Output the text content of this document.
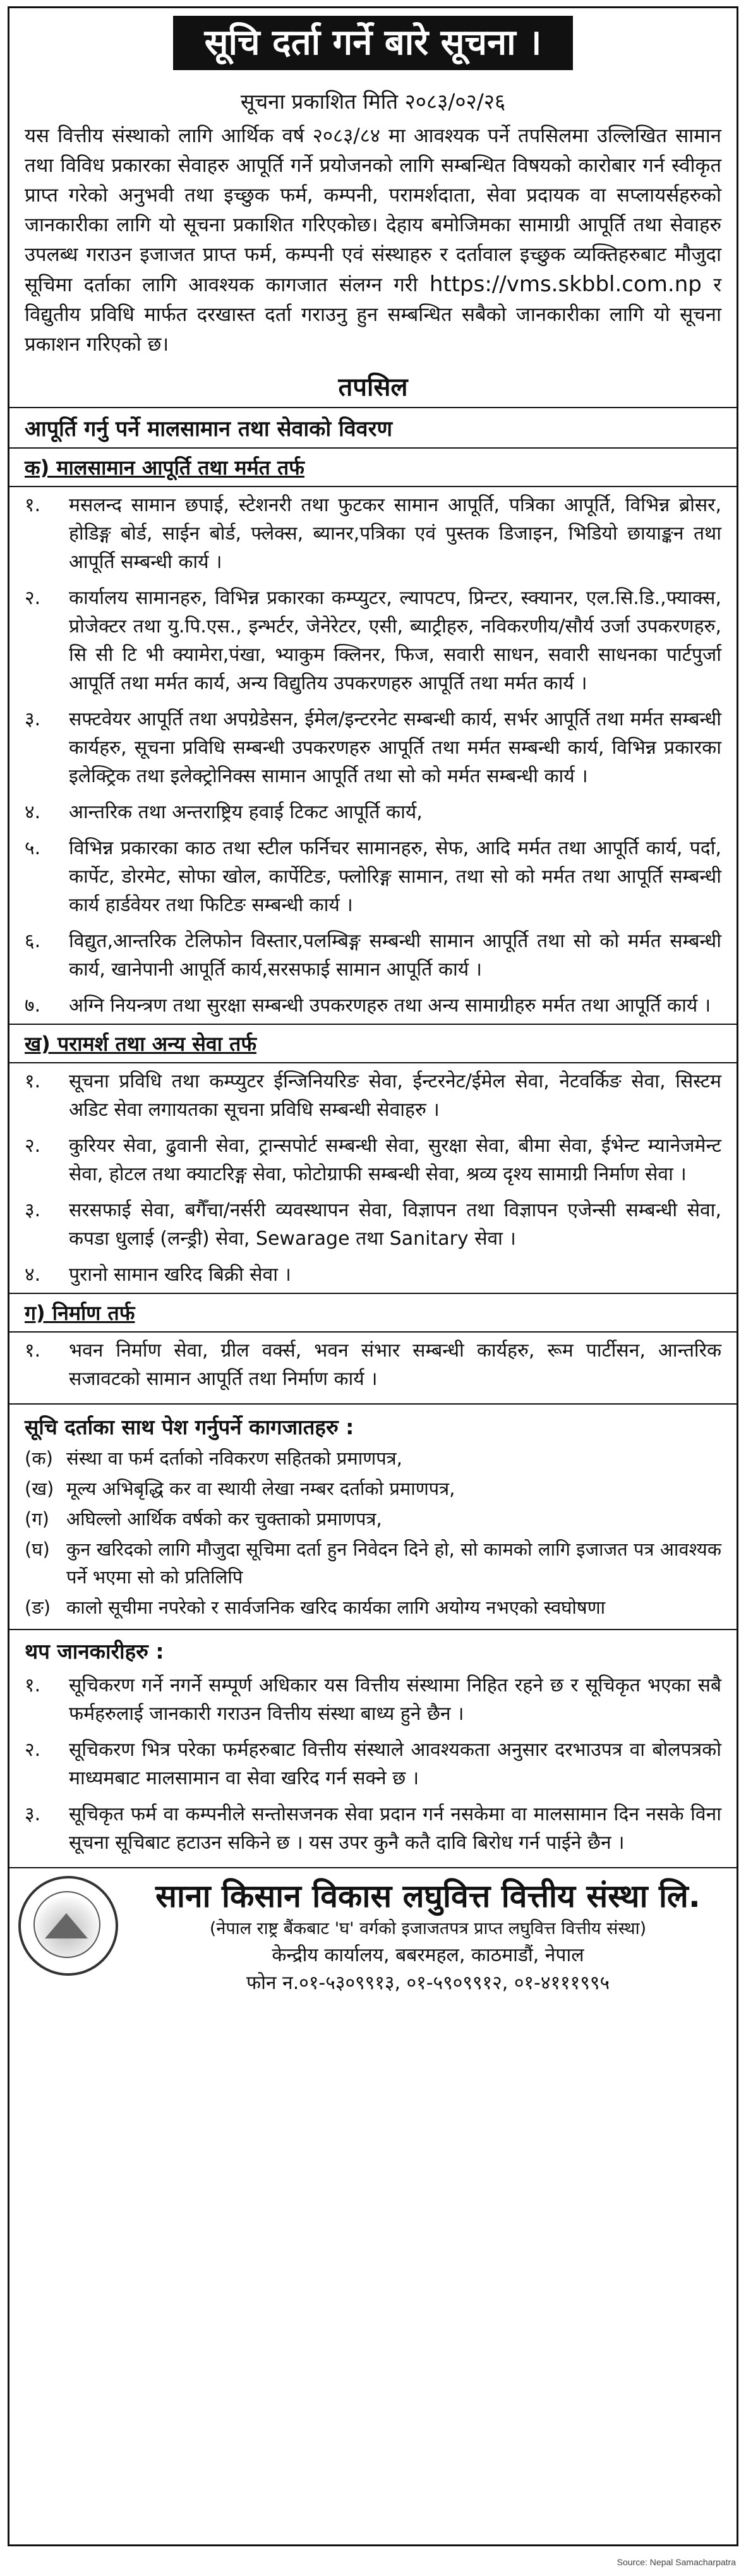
सूचि दर्ता गर्ने बारे सूचना ।
सूचना प्रकाशित मिति २०८३/०२/२६
यस वित्तीय संस्थाको लागि आर्थिक वर्ष २०८३/८४ मा आवश्यक पर्ने तपसिलमा उल्लिखित सामान तथा विविध प्रकारका सेवाहरु आपूर्ति गर्ने प्रयोजनको लागि सम्बन्धित विषयको कारोबार गर्न स्वीकृत प्राप्त गरेको अनुभवी तथा इच्छुक फर्म, कम्पनी, परामर्शदाता, सेवा प्रदायक वा सप्लायर्सहरुको जानकारीका लागि यो सूचना प्रकाशित गरिएकोछ। देहाय बमोजिमका सामाग्री आपूर्ति तथा सेवाहरु उपलब्ध गराउन इजाजत प्राप्त फर्म, कम्पनी एवं संस्थाहरु र दर्तावाल इच्छुक व्यक्तिहरुबाट मौजुदा सूचिमा दर्ताका लागि आवश्यक कागजात संलग्न गरी https://vms.skbbl.com.np र विद्युतीय प्रविधि मार्फत दरखास्त दर्ता गराउनु हुन सम्बन्धित सबैको जानकारीका लागि यो सूचना प्रकाशन गरिएको छ।
तपसिल
आपूर्ति गर्नु पर्ने मालसामान तथा सेवाको विवरण
क) मालसामान आपूर्ति तथा मर्मत तर्फ
१.	मसलन्द सामान छपाई, स्टेशनरी तथा फुटकर सामान आपूर्ति, पत्रिका आपूर्ति, विभिन्न ब्रोसर, होडिङ्ग बोर्ड, साईन बोर्ड, फ्लेक्स, ब्यानर,पत्रिका एवं पुस्तक डिजाइन, भिडियो छायाङ्कन तथा आपूर्ति सम्बन्धी कार्य ।
२.	कार्यालय सामानहरु, विभिन्न प्रकारका कम्प्युटर, ल्यापटप, प्रिन्टर, स्क्यानर, एल.सि.डि.,फ्याक्स, प्रोजेक्टर तथा यु.पि.एस., इन्भर्टर, जेनेरेटर, एसी, ब्याट्रीहरु, नविकरणीय/सौर्य उर्जा उपकरणहरु, सि सी टि भी क्यामेरा,पंखा, भ्याकुम क्लिनर, फिज, सवारी साधन, सवारी साधनका पार्टपुर्जा आपूर्ति तथा मर्मत कार्य, अन्य विद्युतिय उपकरणहरु आपूर्ति तथा मर्मत कार्य ।
३.	सफ्टवेयर आपूर्ति तथा अपग्रेडेसन, ईमेल/इन्टरनेट सम्बन्धी कार्य, सर्भर आपूर्ति तथा मर्मत सम्बन्धी कार्यहरु, सूचना प्रविधि सम्बन्धी उपकरणहरु आपूर्ति तथा मर्मत सम्बन्धी कार्य, विभिन्न प्रकारका इलेक्ट्रिक तथा इलेक्ट्रोनिक्स सामान आपूर्ति तथा सो को मर्मत सम्बन्धी कार्य ।
४.	आन्तरिक तथा अन्तराष्ट्रिय हवाई टिकट आपूर्ति कार्य,
५.	विभिन्न प्रकारका काठ तथा स्टील फर्निचर सामानहरु, सेफ, आदि मर्मत तथा आपूर्ति कार्य, पर्दा, कार्पेट, डोरमेट, सोफा खोल, कार्पेटिङ, फ्लोरिङ्ग सामान, तथा सो को मर्मत तथा आपूर्ति सम्बन्धी कार्य हार्डवेयर तथा फिटिङ सम्बन्धी कार्य ।
६.	विद्युत,आन्तरिक टेलिफोन विस्तार,पलम्बिङ्ग सम्बन्धी सामान आपूर्ति तथा सो को मर्मत सम्बन्धी कार्य, खानेपानी आपूर्ति कार्य,सरसफाई सामान आपूर्ति कार्य ।
७.	अग्नि नियन्त्रण तथा सुरक्षा सम्बन्धी उपकरणहरु तथा अन्य सामाग्रीहरु मर्मत तथा आपूर्ति कार्य ।
ख) परामर्श तथा अन्य सेवा तर्फ
१.	सूचना प्रविधि तथा कम्प्युटर ईन्जिनियरिङ सेवा, ईन्टरनेट/ईमेल सेवा, नेटवर्किङ सेवा, सिस्टम अडिट सेवा लगायतका सूचना प्रविधि सम्बन्धी सेवाहरु ।
२.	कुरियर सेवा, ढुवानी सेवा, ट्रान्सपोर्ट सम्बन्धी सेवा, सुरक्षा सेवा, बीमा सेवा, ईभेन्ट म्यानेजमेन्ट सेवा, होटल तथा क्याटरिङ्ग सेवा, फोटोग्राफी सम्बन्धी सेवा, श्रव्य दृश्य सामाग्री निर्माण सेवा ।
३.	सरसफाई सेवा, बगैँचा/नर्सरी व्यवस्थापन सेवा, विज्ञापन तथा विज्ञापन एजेन्सी सम्बन्धी सेवा, कपडा धुलाई (लन्ड्री) सेवा, Sewarage तथा Sanitary सेवा ।
४.	पुरानो सामान खरिद बिक्री सेवा ।
ग) निर्माण तर्फ
१.	भवन निर्माण सेवा, ग्रील वर्क्स, भवन संभार सम्बन्धी कार्यहरु, रूम पार्टीसन, आन्तरिक सजावटको सामान आपूर्ति तथा निर्माण कार्य ।
सूचि दर्ताका साथ पेश गर्नुपर्ने कागजातहरु :
(क) संस्था वा फर्म दर्ताको नविकरण सहितको प्रमाणपत्र,
(ख) मूल्य अभिबृद्धि कर वा स्थायी लेखा नम्बर दर्ताको प्रमाणपत्र,
(ग) अघिल्लो आर्थिक वर्षको कर चुक्ताको प्रमाणपत्र,
(घ) कुन खरिदको लागि मौजुदा सूचिमा दर्ता हुन निवेदन दिने हो, सो कामको लागि इजाजत पत्र आवश्यक पर्ने भएमा सो को प्रतिलिपि
(ङ) कालो सूचीमा नपरेको र सार्वजनिक खरिद कार्यका लागि अयोग्य नभएको स्वघोषणा
थप जानकारीहरु :
१.	सूचिकरण गर्ने नगर्ने सम्पूर्ण अधिकार यस वित्तीय संस्थामा निहित रहने छ र सूचिकृत भएका सबै फर्महरुलाई जानकारी गराउन वित्तीय संस्था बाध्य हुने छैन ।
२.	सूचिकरण भित्र परेका फर्महरुबाट वित्तीय संस्थाले आवश्यकता अनुसार दरभाउपत्र वा बोलपत्रको माध्यमबाट मालसामान वा सेवा खरिद गर्न सक्ने छ ।
३.	सूचिकृत फर्म वा कम्पनीले सन्तोसजनक सेवा प्रदान गर्न नसकेमा वा मालसामान दिन नसके विना सूचना सूचिबाट हटाउन सकिने छ । यस उपर कुनै कतै दावि बिरोध गर्न पाईने छैन ।
साना किसान विकास लघुवित्त वित्तीय संस्था लि.
(नेपाल राष्ट्र बैंकबाट 'घ' वर्गको इजाजतपत्र प्राप्त लघुवित्त वित्तीय संस्था)
केन्द्रीय कार्यालय, बबरमहल, काठमाडौं, नेपाल
फोन न.०१-५३०९९१३, ०१-५९०९९१२, ०१-४१११९९५
Source: Nepal Samacharpatra
